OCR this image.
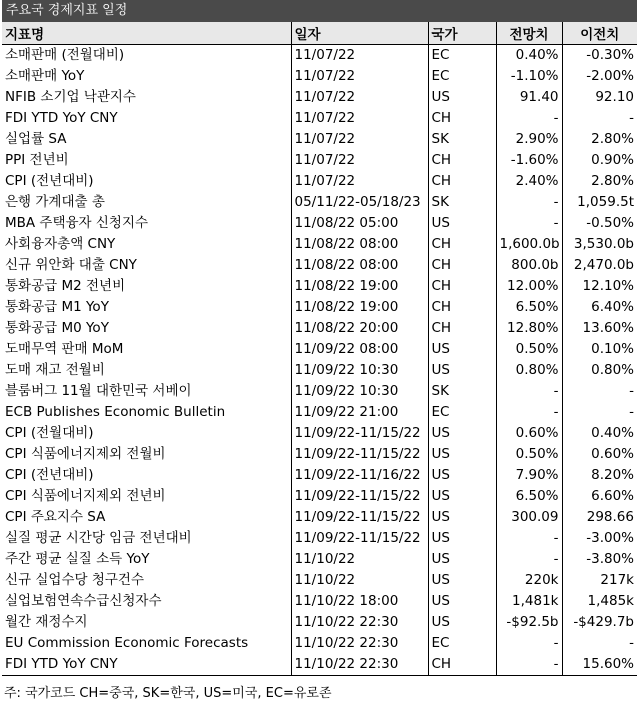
주요국 경제지표 일정
지표명	일자	국가	전망치	이전치
소매판매 (전월대비)	11/07/22	EC	0.40%	-0.30%
소매판매 YoY	11/07/22	EC	-1.10%	-2.00%
NFIB 소기업 낙관지수	11/07/22	US	91.40	92.10
FDI YTD YoY CNY	11/07/22	CH	-	-
실업률 SA	11/07/22	SK	2.90%	2.80%
PPI 전년비	11/07/22	CH	-1.60%	0.90%
CPI (전년대비)	11/07/22	CH	2.40%	2.80%
은행 가계대출 총	05/11/22-05/18/23	SK	-	1,059.5t
MBA 주택융자 신청지수	11/08/22 05:00	US	-	-0.50%
사회융자총액 CNY	11/08/22 08:00	CH	1,600.0b	3,530.0b
신규 위안화 대출 CNY	11/08/22 08:00	CH	800.0b	2,470.0b
통화공급 M2 전년비	11/08/22 19:00	CH	12.00%	12.10%
통화공급 M1 YoY	11/08/22 19:00	CH	6.50%	6.40%
통화공급 M0 YoY	11/08/22 20:00	CH	12.80%	13.60%
도매무역 판매 MoM	11/09/22 08:00	US	0.50%	0.10%
도매 재고 전월비	11/09/22 10:30	US	0.80%	0.80%
블룸버그 11월 대한민국 서베이	11/09/22 10:30	SK	-	-
ECB Publishes Economic Bulletin	11/09/22 21:00	EC	-	-
CPI (전월대비)	11/09/22-11/15/22	US	0.60%	0.40%
CPI 식품에너지제외 전월비	11/09/22-11/15/22	US	0.50%	0.60%
CPI (전년대비)	11/09/22-11/16/22	US	7.90%	8.20%
CPI 식품에너지제외 전년비	11/09/22-11/15/22	US	6.50%	6.60%
CPI 주요지수 SA	11/09/22-11/15/22	US	300.09	298.66
실질 평균 시간당 임금 전년대비	11/09/22-11/15/22	US	-	-3.00%
주간 평균 실질 소득 YoY	11/10/22	US	-	-3.80%
신규 실업수당 청구건수	11/10/22	US	220k	217k
실업보험연속수급신청자수	11/10/22 18:00	US	1,481k	1,485k
월간 재정수지	11/10/22 22:30	US	-$92.5b	-$429.7b
EU Commission Economic Forecasts	11/10/22 22:30	EC	-	-
FDI YTD YoY CNY	11/10/22 22:30	CH	-	15.60%
주: 국가코드 CH=중국, SK=한국, US=미국, EC=유로존
